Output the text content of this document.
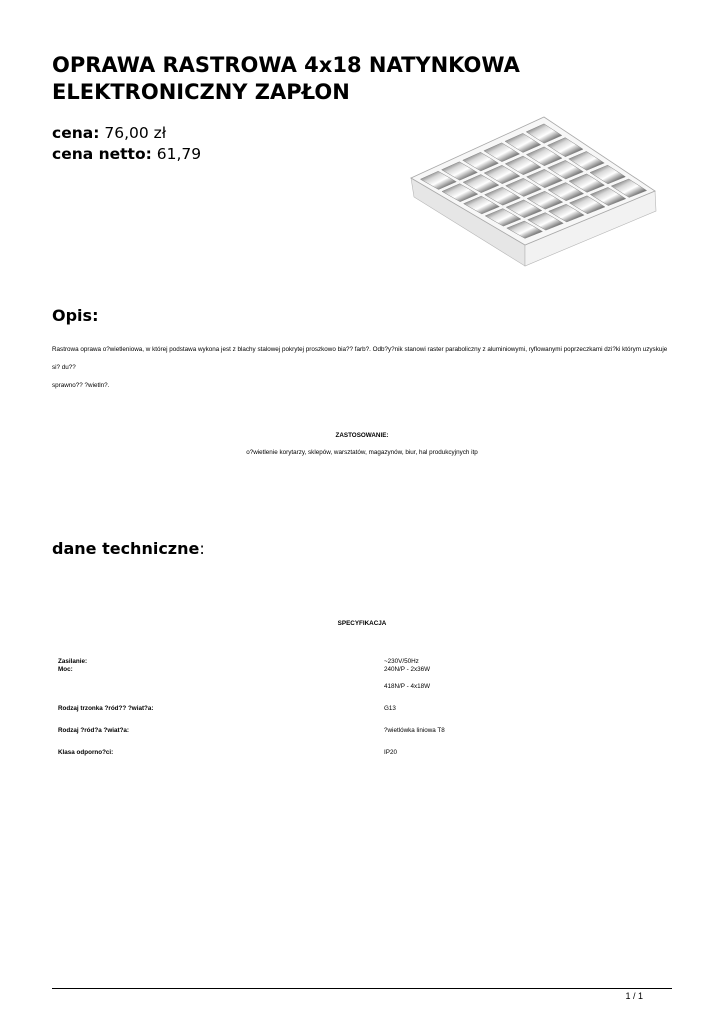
OPRAWA RASTROWA 4x18 NATYNKOWA
ELEKTRONICZNY ZAPŁON
cena: 76,00 zł
cena netto: 61,79
Opis:
Rastrowa oprawa o?wietleniowa, w której podstawa wykona jest z blachy stalowej pokrytej proszkowo bia?? farb?. Odb?y?nik stanowi raster paraboliczny z aluminiowymi, ryflowanymi poprzeczkami dzi?ki którym uzyskuje si? du??
sprawno?? ?wietln?.
ZASTOSOWANIE:
o?wietlenie korytarzy, sklepów, warsztatów, magazynów, biur, hal produkcyjnych itp
dane techniczne:
SPECYFIKACJA
Zasilanie:	~230V/50Hz
Moc:	240N/P - 2x36W
418N/P - 4x18W
Rodzaj trzonka ?ród?? ?wiat?a:	G13
Rodzaj ?ród?a ?wiat?a:	?wietlówka liniowa T8
Klasa odporno?ci:	IP20
1 / 1
